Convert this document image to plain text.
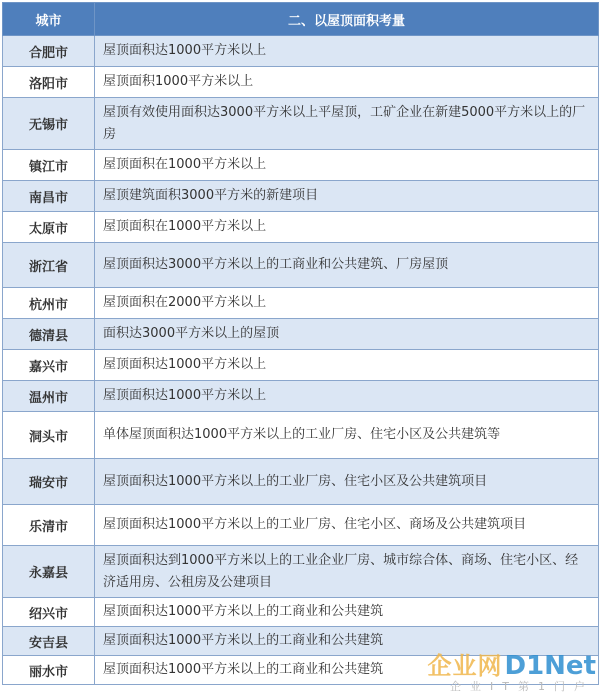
城市	二、以屋顶面积考量
合肥市	屋顶面积达1000平方米以上
洛阳市	屋顶面积1000平方米以上
无锡市	屋顶有效使用面积达3000平方米以上平屋顶，工矿企业在新建5000平方米以上的厂房
镇江市	屋顶面积在1000平方米以上
南昌市	屋顶建筑面积3000平方米的新建项目
太原市	屋顶面积在1000平方米以上
浙江省	屋顶面积达3000平方米以上的工商业和公共建筑、厂房屋顶
杭州市	屋顶面积在2000平方米以上
德清县	面积达3000平方米以上的屋顶
嘉兴市	屋顶面积达1000平方米以上
温州市	屋顶面积达1000平方米以上
洞头市	单体屋顶面积达1000平方米以上的工业厂房、住宅小区及公共建筑等
瑞安市	屋顶面积达1000平方米以上的工业厂房、住宅小区及公共建筑项目
乐清市	屋顶面积达1000平方米以上的工业厂房、住宅小区、商场及公共建筑项目
永嘉县	屋顶面积达到1000平方米以上的工业企业厂房、城市综合体、商场、住宅小区、经济适用房、公租房及公建项目
绍兴市	屋顶面积达1000平方米以上的工商业和公共建筑
安吉县	屋顶面积达1000平方米以上的工商业和公共建筑
丽水市	屋顶面积达1000平方米以上的工商业和公共建筑 企业网D1Net
企业IT第1门户
